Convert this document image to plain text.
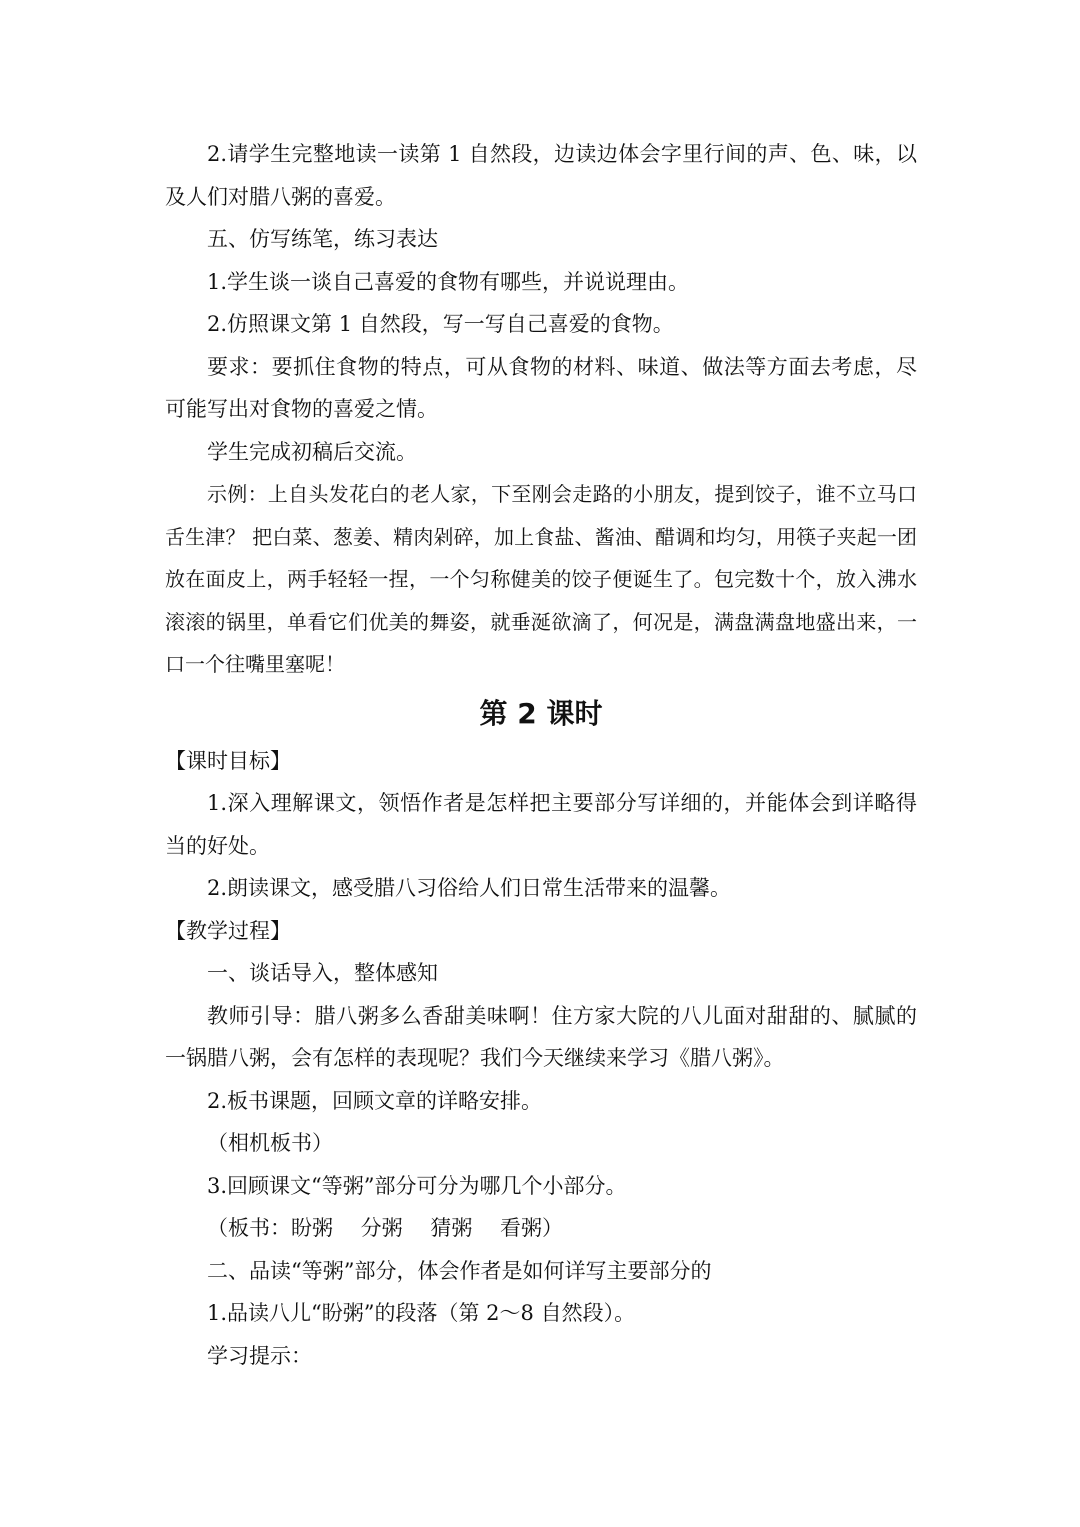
2.请学生完整地读一读第 1 自然段，边读边体会字里行间的声、色、味，以及人们对腊八粥的喜爱。

五、仿写练笔，练习表达

1.学生谈一谈自己喜爱的食物有哪些，并说说理由。

2.仿照课文第 1 自然段，写一写自己喜爱的食物。

要求：要抓住食物的特点，可从食物的材料、味道、做法等方面去考虑，尽可能写出对食物的喜爱之情。

学生完成初稿后交流。

示例：上自头发花白的老人家，下至刚会走路的小朋友，提到饺子，谁不立马口舌生津？ 把白菜、葱姜、精肉剁碎，加上食盐、酱油、醋调和均匀，用筷子夹起一团放在面皮上，两手轻轻一捏，一个匀称健美的饺子便诞生了。包完数十个，放入沸水滚滚的锅里，单看它们优美的舞姿，就垂涎欲滴了，何况是，满盘满盘地盛出来，一口一个往嘴里塞呢！

第 2 课时

【课时目标】

1.深入理解课文，领悟作者是怎样把主要部分写详细的，并能体会到详略得当的好处。

2.朗读课文，感受腊八习俗给人们日常生活带来的温馨。

【教学过程】

一、谈话导入，整体感知

教师引导：腊八粥多么香甜美味啊！住方家大院的八儿面对甜甜的、腻腻的一锅腊八粥，会有怎样的表现呢？我们今天继续来学习《腊八粥》。

2.板书课题，回顾文章的详略安排。

（相机板书）

3.回顾课文“等粥”部分可分为哪几个小部分。

（板书：盼粥　 分粥　 猜粥　 看粥）

二、品读“等粥”部分，体会作者是如何详写主要部分的

1.品读八儿“盼粥”的段落（第 2～8 自然段）。

学习提示：
